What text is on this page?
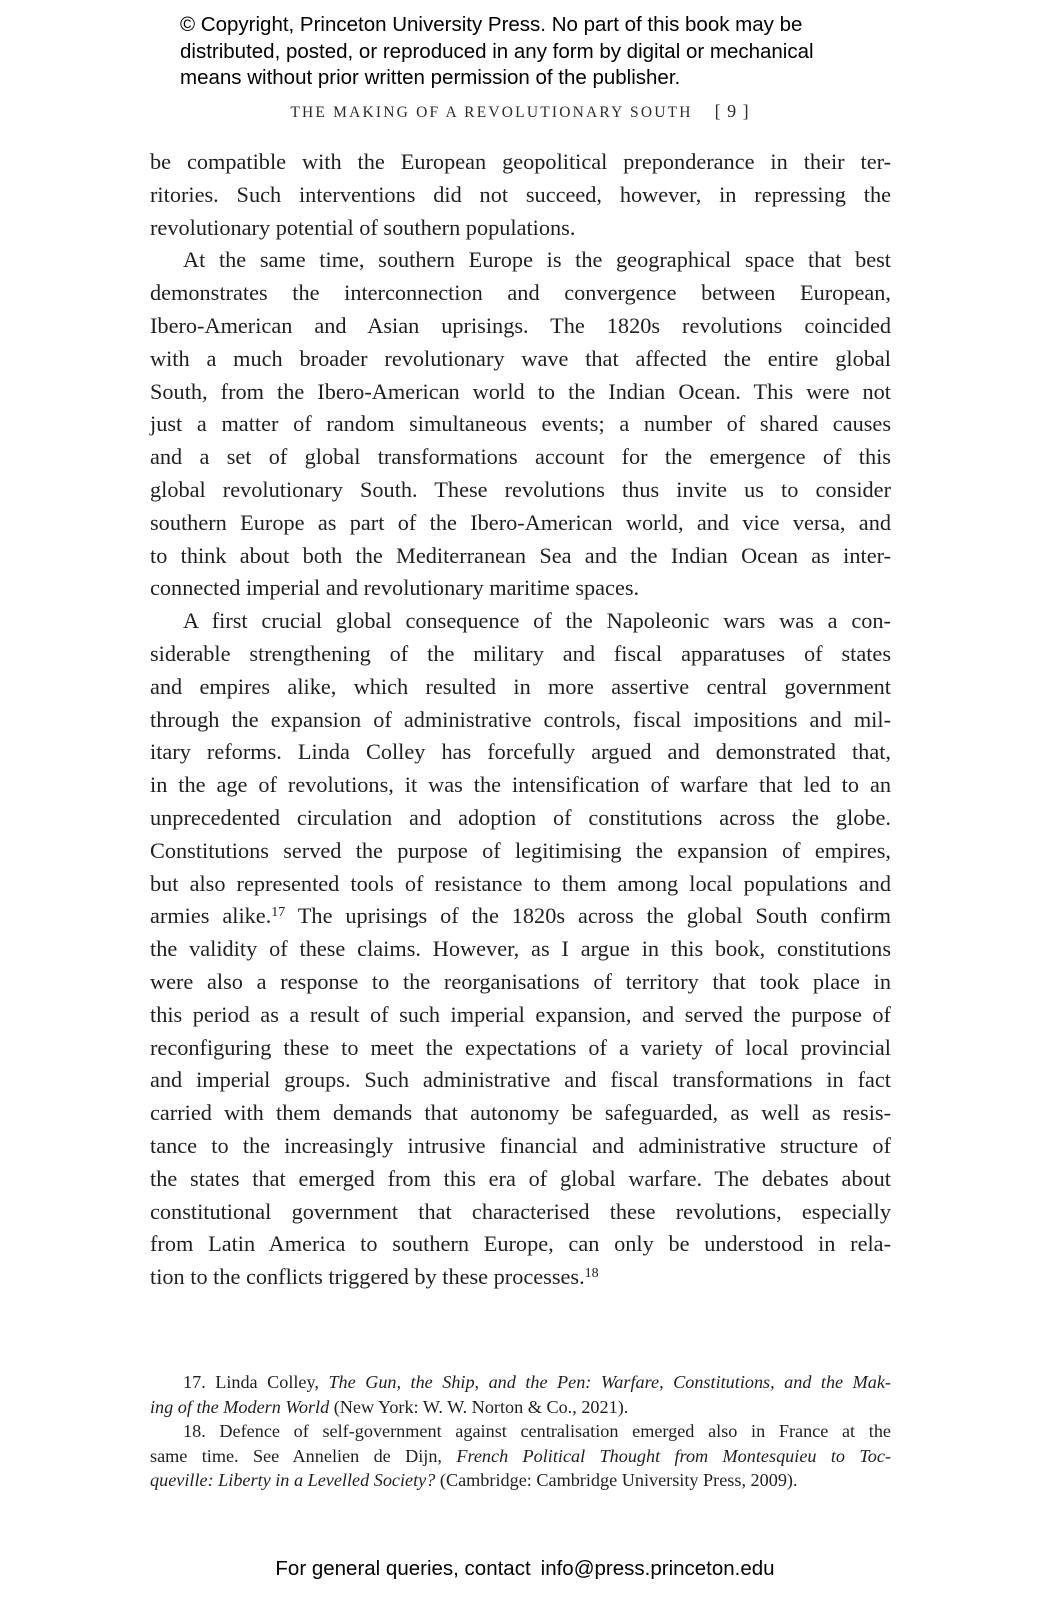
© Copyright, Princeton University Press. No part of this book may be
distributed, posted, or reproduced in any form by digital or mechanical
means without prior written permission of the publisher.
THE MAKING OF A REVOLUTIONARY SOUTH [ 9 ]
be compatible with the European geopolitical preponderance in their ter-
ritories. Such interventions did not succeed, however, in repressing the
revolutionary potential of southern populations.
At the same time, southern Europe is the geographical space that best
demonstrates the interconnection and convergence between European,
Ibero-American and Asian uprisings. The 1820s revolutions coincided
with a much broader revolutionary wave that affected the entire global
South, from the Ibero-American world to the Indian Ocean. This were not
just a matter of random simultaneous events; a number of shared causes
and a set of global transformations account for the emergence of this
global revolutionary South. These revolutions thus invite us to consider
southern Europe as part of the Ibero-American world, and vice versa, and
to think about both the Mediterranean Sea and the Indian Ocean as inter-
connected imperial and revolutionary maritime spaces.
A first crucial global consequence of the Napoleonic wars was a con-
siderable strengthening of the military and fiscal apparatuses of states
and empires alike, which resulted in more assertive central government
through the expansion of administrative controls, fiscal impositions and mil-
itary reforms. Linda Colley has forcefully argued and demonstrated that,
in the age of revolutions, it was the intensification of warfare that led to an
unprecedented circulation and adoption of constitutions across the globe.
Constitutions served the purpose of legitimising the expansion of empires,
but also represented tools of resistance to them among local populations and
armies alike.$^{17}$ The uprisings of the 1820s across the global South confirm
the validity of these claims. However, as I argue in this book, constitutions
were also a response to the reorganisations of territory that took place in
this period as a result of such imperial expansion, and served the purpose of
reconfiguring these to meet the expectations of a variety of local provincial
and imperial groups. Such administrative and fiscal transformations in fact
carried with them demands that autonomy be safeguarded, as well as resis-
tance to the increasingly intrusive financial and administrative structure of
the states that emerged from this era of global warfare. The debates about
constitutional government that characterised these revolutions, especially
from Latin America to southern Europe, can only be understood in rela-
tion to the conflicts triggered by these processes.$^{18}$
17. Linda Colley, The Gun, the Ship, and the Pen: Warfare, Constitutions, and the Mak-
ing of the Modern World (New York: W. W. Norton & Co., 2021).
18. Defence of self-government against centralisation emerged also in France at the
same time. See Annelien de Dijn, French Political Thought from Montesquieu to Toc-
queville: Liberty in a Levelled Society? (Cambridge: Cambridge University Press, 2009).
For general queries, contact info@press.princeton.edu
